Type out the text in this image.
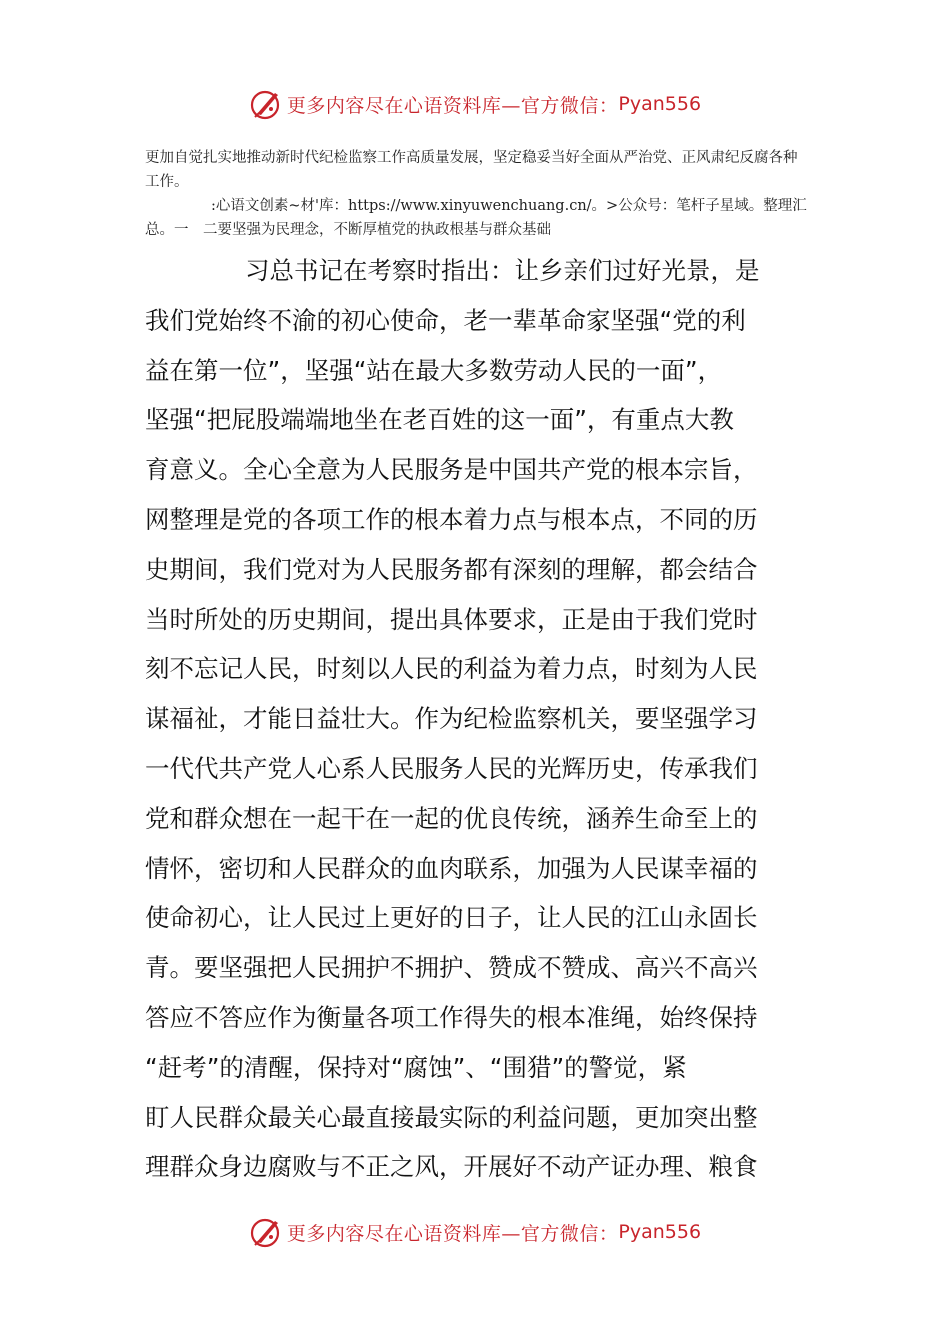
更多内容尽在心语资料库—官方微信： Pyan556
更加自觉扎实地推动新时代纪检监察工作高质量发展，坚定稳妥当好全面从严治党、正风肃纪反腐各种工作。
:心语文创素~材'库：https://www.xinyuwenchuang.cn/。>公众号：笔杆子星域。整理汇总。一　二要坚强为民理念，不断厚植党的执政根基与群众基础
习总书记在考察时指出：让乡亲们过好光景，是
我们党始终不渝的初心使命，老一辈革命家坚强“党的利
益在第一位”，坚强“站在最大多数劳动人民的一面”，
坚强“把屁股端端地坐在老百姓的这一面”，有重点大教
育意义。全心全意为人民服务是中国共产党的根本宗旨，
网整理是党的各项工作的根本着力点与根本点，不同的历
史期间，我们党对为人民服务都有深刻的理解，都会结合
当时所处的历史期间，提出具体要求，正是由于我们党时
刻不忘记人民，时刻以人民的利益为着力点，时刻为人民
谋福祉，才能日益壮大。作为纪检监察机关，要坚强学习
一代代共产党人心系人民服务人民的光辉历史，传承我们
党和群众想在一起干在一起的优良传统，涵养生命至上的
情怀，密切和人民群众的血肉联系，加强为人民谋幸福的
使命初心，让人民过上更好的日子，让人民的江山永固长
青。要坚强把人民拥护不拥护、赞成不赞成、高兴不高兴
答应不答应作为衡量各项工作得失的根本准绳，始终保持
“赶考”的清醒，保持对“腐蚀”、“围猎”的警觉，紧
盯人民群众最关心最直接最实际的利益问题，更加突出整
理群众身边腐败与不正之风，开展好不动产证办理、粮食
更多内容尽在心语资料库—官方微信： Pyan556
